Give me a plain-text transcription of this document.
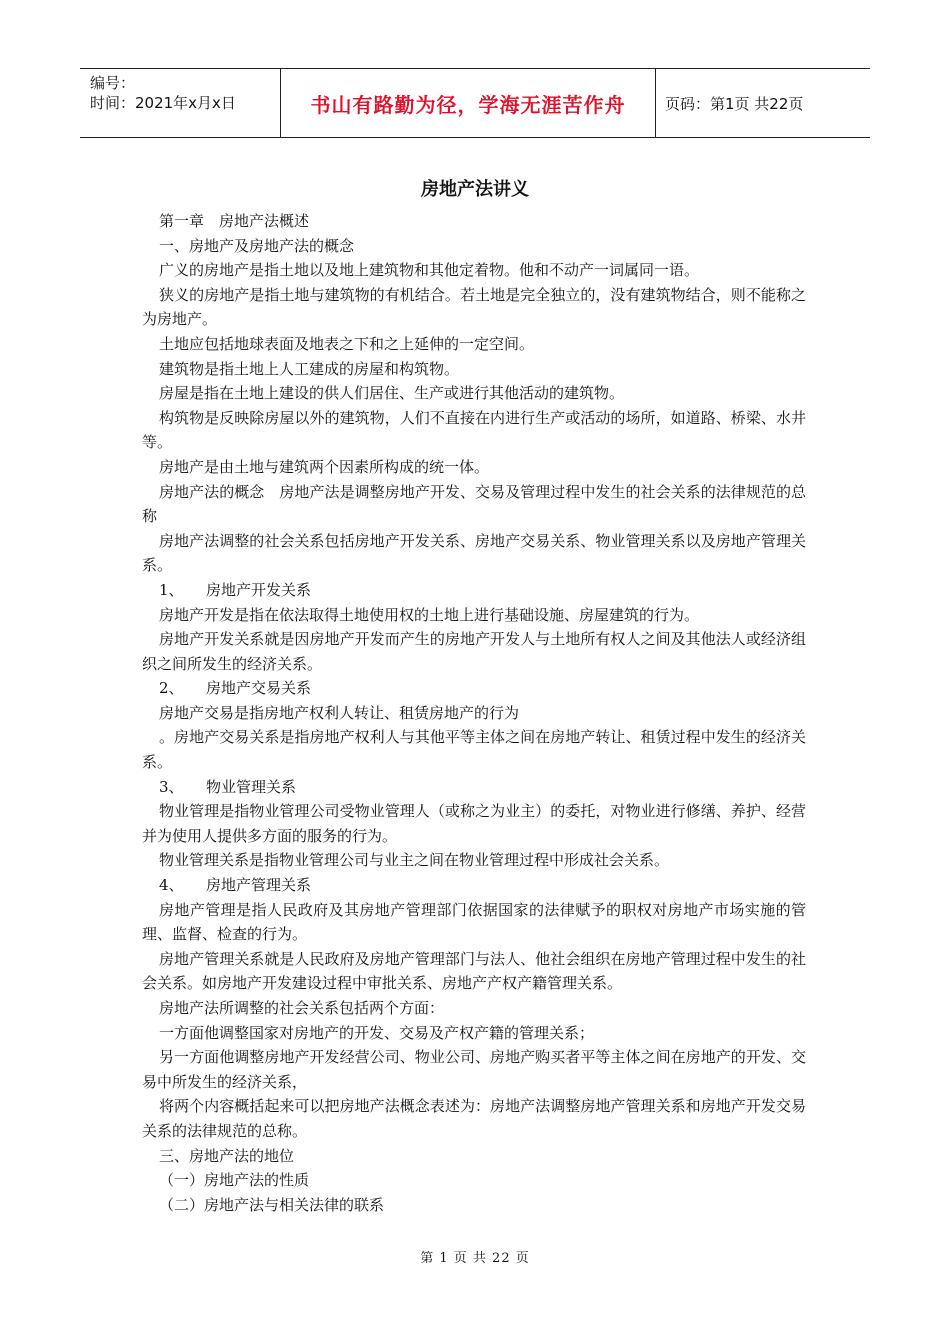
编号：
时间：2021年x月x日	书山有路勤为径，学海无涯苦作舟	页码：第1页 共22页
房地产法讲义

第一章　房地产法概述

一、房地产及房地产法的概念

广义的房地产是指土地以及地上建筑物和其他定着物。他和不动产一词属同一语。

狭义的房地产是指土地与建筑物的有机结合。若土地是完全独立的，没有建筑物结合，则不能称之为房地产。

土地应包括地球表面及地表之下和之上延伸的一定空间。

建筑物是指土地上人工建成的房屋和构筑物。

房屋是指在土地上建设的供人们居住、生产或进行其他活动的建筑物。

构筑物是反映除房屋以外的建筑物，人们不直接在内进行生产或活动的场所，如道路、桥梁、水井等。

房地产是由土地与建筑两个因素所构成的统一体。

房地产法的概念　房地产法是调整房地产开发、交易及管理过程中发生的社会关系的法律规范的总称

房地产法调整的社会关系包括房地产开发关系、房地产交易关系、物业管理关系以及房地产管理关系。

1、　　房地产开发关系

房地产开发是指在依法取得土地使用权的土地上进行基础设施、房屋建筑的行为。

房地产开发关系就是因房地产开发而产生的房地产开发人与土地所有权人之间及其他法人或经济组织之间所发生的经济关系。

2、　　房地产交易关系

房地产交易是指房地产权利人转让、租赁房地产的行为

。房地产交易关系是指房地产权利人与其他平等主体之间在房地产转让、租赁过程中发生的经济关系。

3、　　物业管理关系

物业管理是指物业管理公司受物业管理人（或称之为业主）的委托，对物业进行修缮、养护、经营并为使用人提供多方面的服务的行为。

物业管理关系是指物业管理公司与业主之间在物业管理过程中形成社会关系。

4、　　房地产管理关系

房地产管理是指人民政府及其房地产管理部门依据国家的法律赋予的职权对房地产市场实施的管理、监督、检查的行为。

房地产管理关系就是人民政府及房地产管理部门与法人、他社会组织在房地产管理过程中发生的社会关系。如房地产开发建设过程中审批关系、房地产产权产籍管理关系。

房地产法所调整的社会关系包括两个方面：

一方面他调整国家对房地产的开发、交易及产权产籍的管理关系；

另一方面他调整房地产开发经营公司、物业公司、房地产购买者平等主体之间在房地产的开发、交易中所发生的经济关系，

将两个内容概括起来可以把房地产法概念表述为：房地产法调整房地产管理关系和房地产开发交易关系的法律规范的总称。

三、房地产法的地位

（一）房地产法的性质

（二）房地产法与相关法律的联系

第 1 页 共 22 页
